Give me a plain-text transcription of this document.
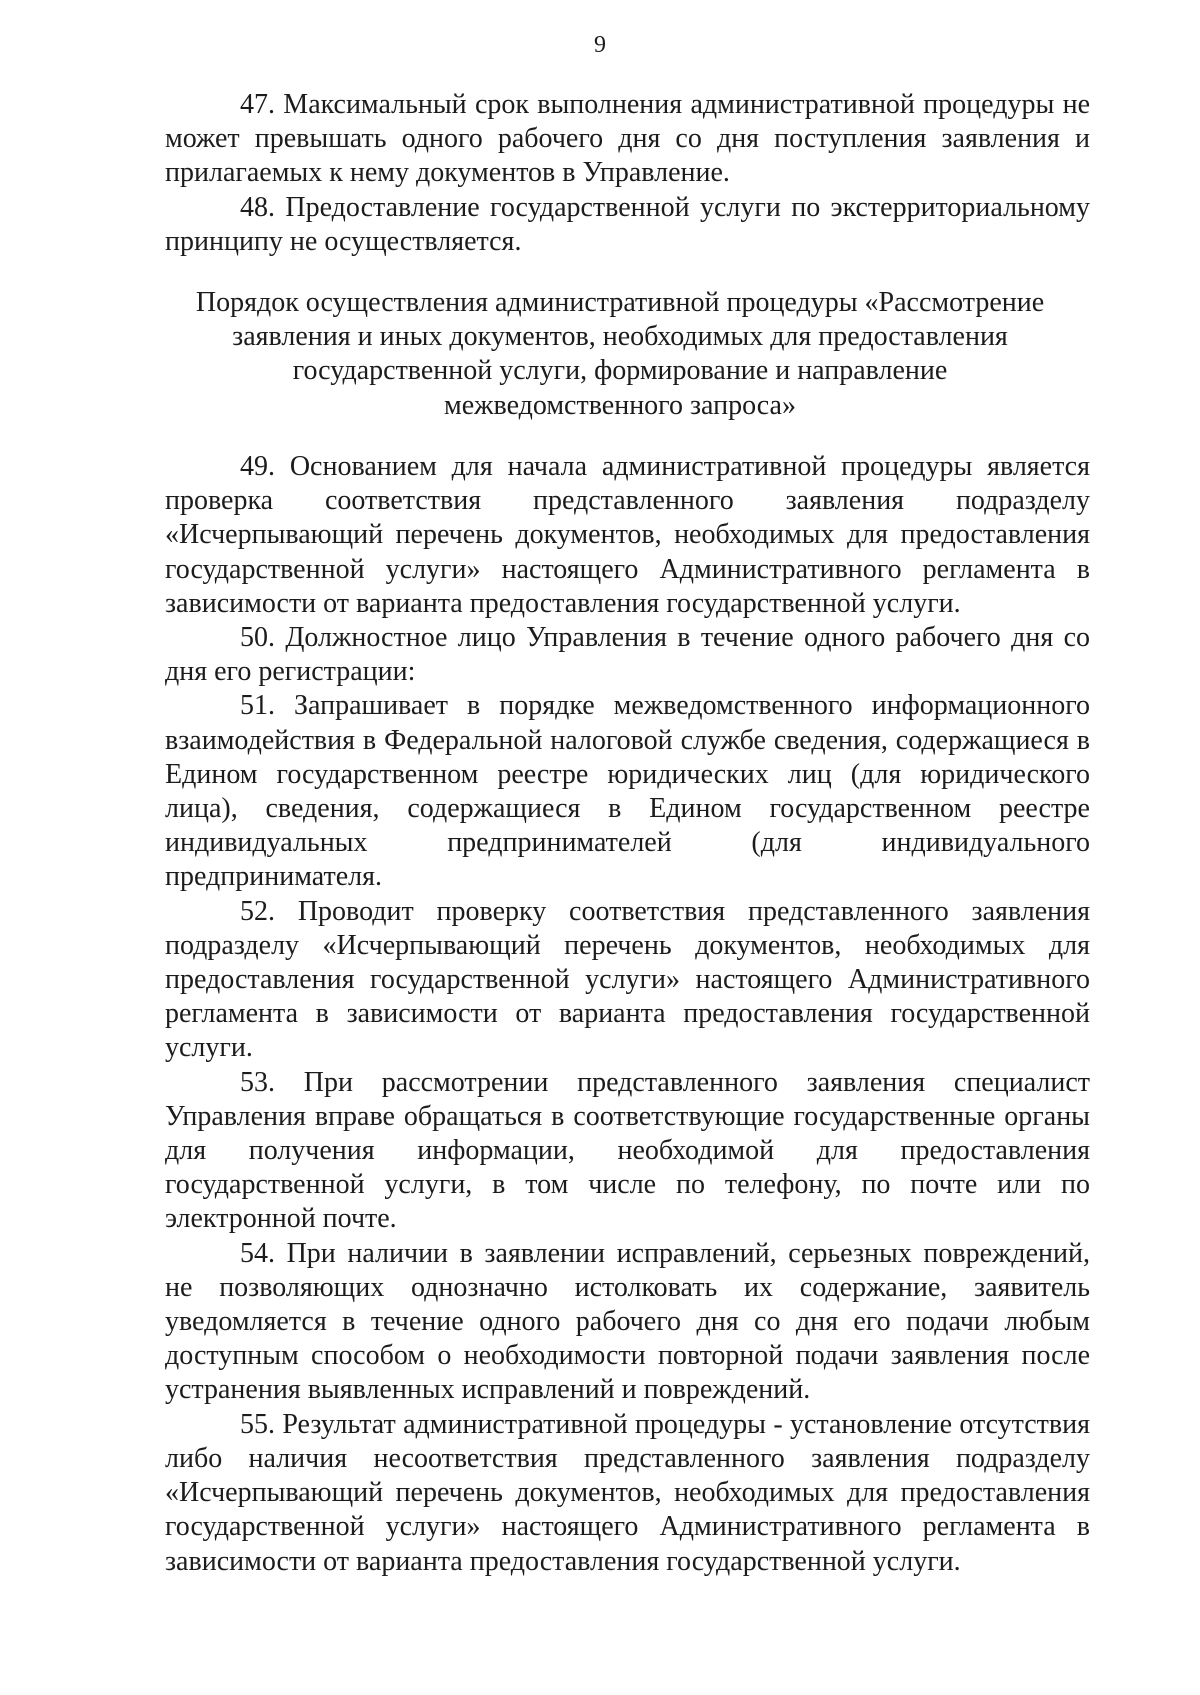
9

47. Максимальный срок выполнения административной процедуры не может превышать одного рабочего дня со дня поступления заявления и прилагаемых к нему документов в Управление.

48. Предоставление государственной услуги по экстерриториальному принципу не осуществляется.

Порядок осуществления административной процедуры «Рассмотрение заявления и иных документов, необходимых для предоставления государственной услуги, формирование и направление межведомственного запроса»

49. Основанием для начала административной процедуры является проверка соответствия представленного заявления подразделу «Исчерпывающий перечень документов, необходимых для предоставления государственной услуги» настоящего Административного регламента в зависимости от варианта предоставления государственной услуги.

50. Должностное лицо Управления в течение одного рабочего дня со дня его регистрации:

51. Запрашивает в порядке межведомственного информационного взаимодействия в Федеральной налоговой службе сведения, содержащиеся в Едином государственном реестре юридических лиц (для юридического лица), сведения, содержащиеся в Едином государственном реестре индивидуальных предпринимателей (для индивидуального предпринимателя.

52. Проводит проверку соответствия представленного заявления подразделу «Исчерпывающий перечень документов, необходимых для предоставления государственной услуги» настоящего Административного регламента в зависимости от варианта предоставления государственной услуги.

53. При рассмотрении представленного заявления специалист Управления вправе обращаться в соответствующие государственные органы для получения информации, необходимой для предоставления государственной услуги, в том числе по телефону, по почте или по электронной почте.

54. При наличии в заявлении исправлений, серьезных повреждений, не позволяющих однозначно истолковать их содержание, заявитель уведомляется в течение одного рабочего дня со дня его подачи любым доступным способом о необходимости повторной подачи заявления после устранения выявленных исправлений и повреждений.

55. Результат административной процедуры - установление отсутствия либо наличия несоответствия представленного заявления подразделу «Исчерпывающий перечень документов, необходимых для предоставления государственной услуги» настоящего Административного регламента в зависимости от варианта предоставления государственной услуги.
